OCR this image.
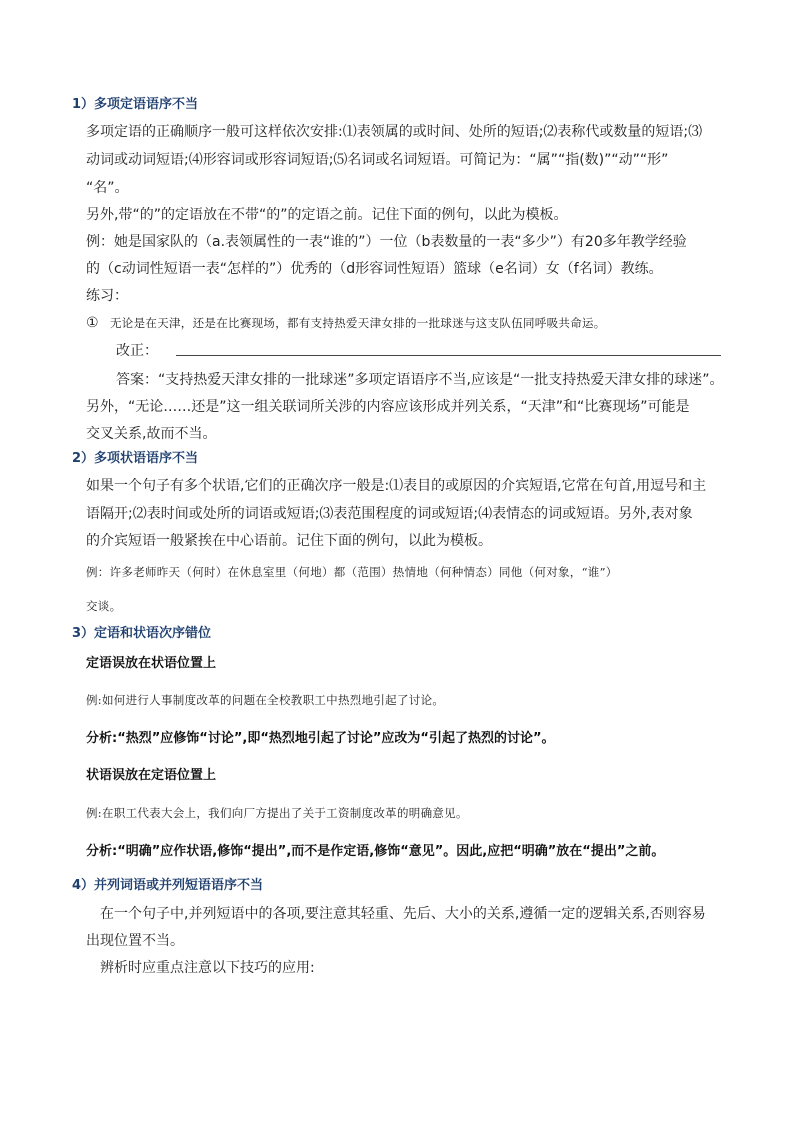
1）多项定语语序不当
多项定语的正确顺序一般可这样依次安排:⑴表领属的或时间、处所的短语;⑵表称代或数量的短语;⑶
动词或动词短语;⑷形容词或形容词短语;⑸名词或名词短语。可简记为：“属”“指(数)”“动”“形”
“名”。
另外,带“的”的定语放在不带“的”的定语之前。记住下面的例句，以此为模板。
例：她是国家队的（a.表领属性的一表“谁的”）一位（b表数量的一表“多少”）有20多年教学经验
的（c动词性短语一表“怎样的”）优秀的（d形容词性短语）篮球（e名词）女（f名词）教练。
练习：
① 无论是在天津，还是在比赛现场，都有支持热爱天津女排的一批球迷与这支队伍同呼吸共命运。
改正：
答案：“支持热爱天津女排的一批球迷”多项定语语序不当,应该是“一批支持热爱天津女排的球迷”。
另外，“无论……还是”这一组关联词所关涉的内容应该形成并列关系，“天津”和“比赛现场”可能是
交叉关系,故而不当。
2）多项状语语序不当
如果一个句子有多个状语,它们的正确次序一般是:⑴表目的或原因的介宾短语,它常在句首,用逗号和主
语隔开;⑵表时间或处所的词语或短语;⑶表范围程度的词或短语;⑷表情态的词或短语。另外,表对象
的介宾短语一般紧挨在中心语前。记住下面的例句，以此为模板。
例：许多老师昨天（何时）在休息室里（何地）都（范围）热情地（何种情态）同他（何对象，“谁”）
交谈。
3）定语和状语次序错位
定语误放在状语位置上
例:如何进行人事制度改革的问题在全校教职工中热烈地引起了讨论。
分析:“热烈”应修饰“讨论”,即“热烈地引起了讨论”应改为“引起了热烈的讨论”。
状语误放在定语位置上
例:在职工代表大会上，我们向厂方提出了关于工资制度改革的明确意见。
分析:“明确”应作状语,修饰“提出”,而不是作定语,修饰“意见”。因此,应把“明确”放在“提出”之前。
4）并列词语或并列短语语序不当
在一个句子中,并列短语中的各项,要注意其轻重、先后、大小的关系,遵循一定的逻辑关系,否则容易
出现位置不当。
辨析时应重点注意以下技巧的应用:
